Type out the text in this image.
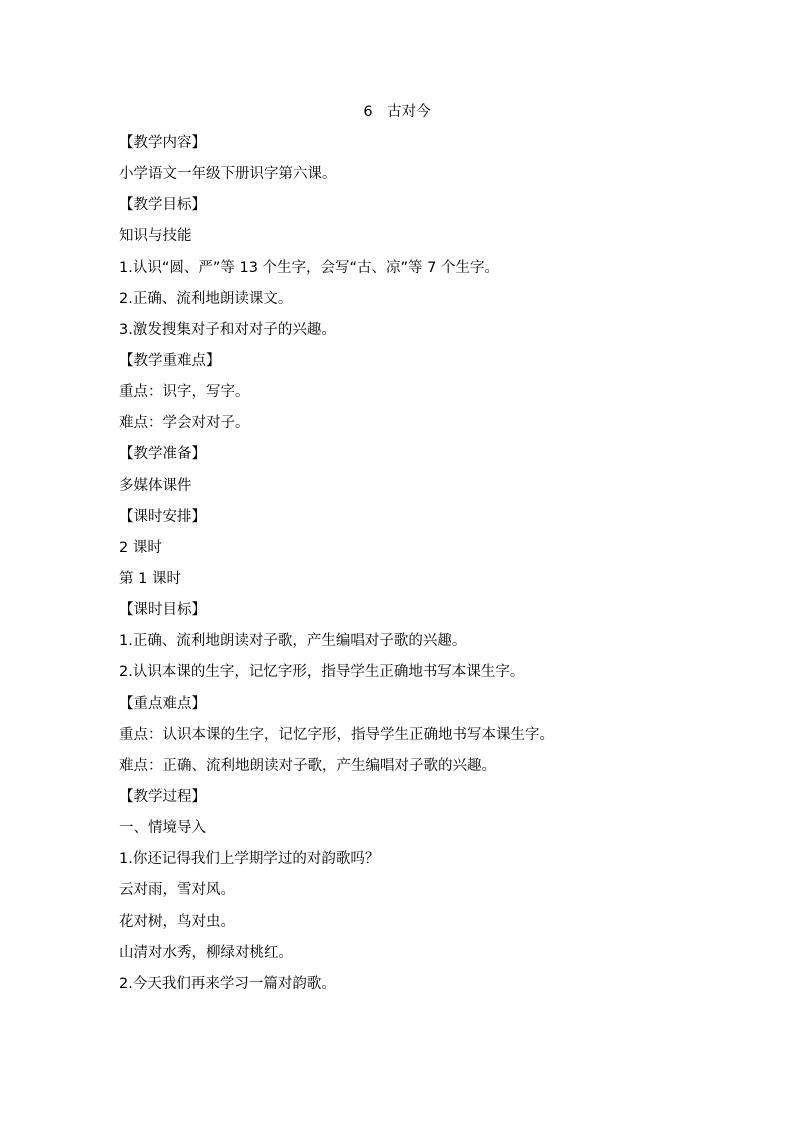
6　古对今
【教学内容】
小学语文一年级下册识字第六课。
【教学目标】
知识与技能
1.认识“圆、严”等 13 个生字，会写“古、凉”等 7 个生字。
2.正确、流利地朗读课文。
3.激发搜集对子和对对子的兴趣。
【教学重难点】
重点：识字，写字。
难点：学会对对子。
【教学准备】
多媒体课件
【课时安排】
2 课时
第 1 课时
【课时目标】
1.正确、流利地朗读对子歌，产生编唱对子歌的兴趣。
2.认识本课的生字，记忆字形，指导学生正确地书写本课生字。
【重点难点】
重点：认识本课的生字，记忆字形，指导学生正确地书写本课生字。
难点：正确、流利地朗读对子歌，产生编唱对子歌的兴趣。
【教学过程】
一、情境导入
1.你还记得我们上学期学过的对韵歌吗？
云对雨，雪对风。
花对树，鸟对虫。
山清对水秀，柳绿对桃红。
2.今天我们再来学习一篇对韵歌。
